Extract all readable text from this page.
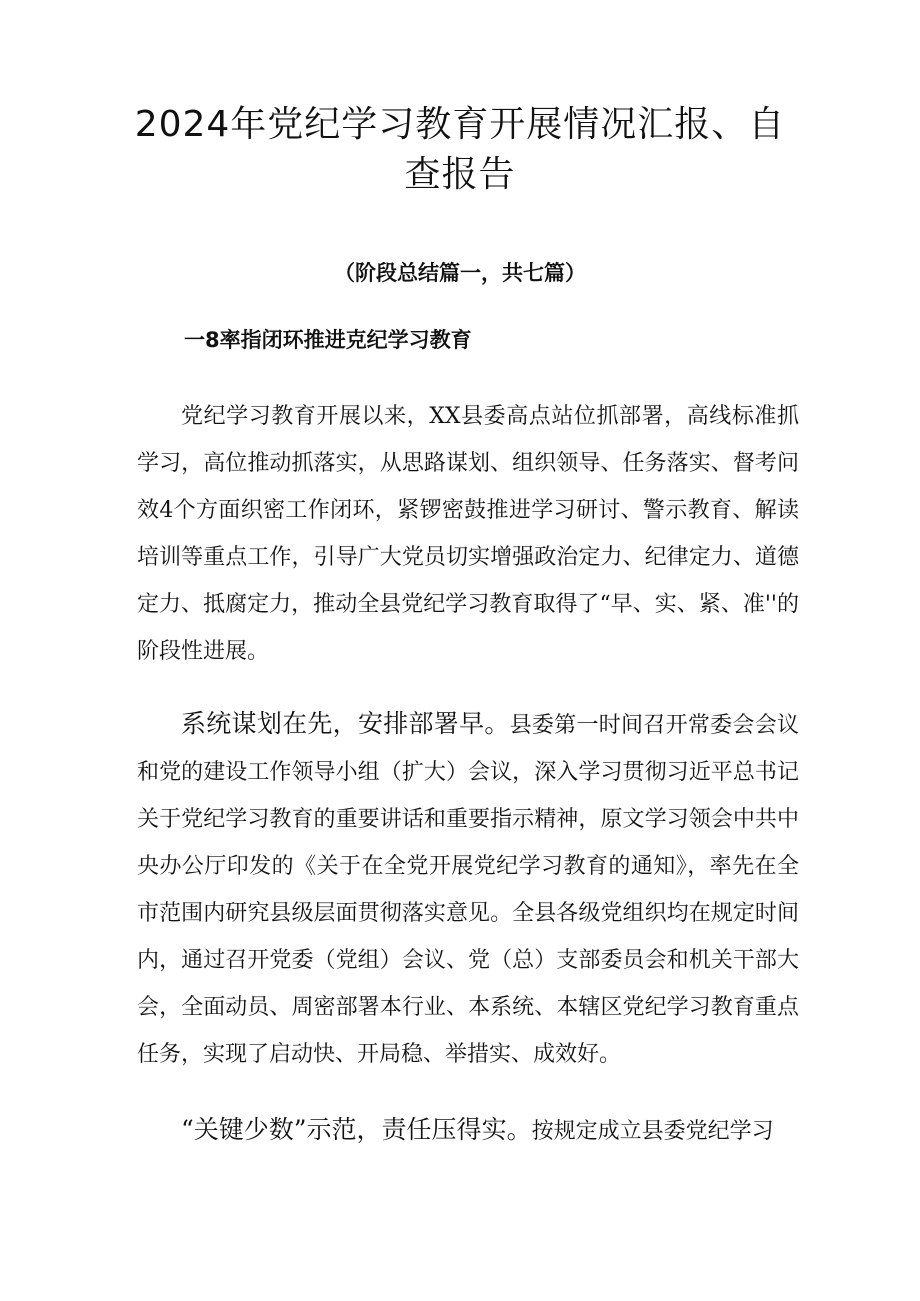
2024年党纪学习教育开展情况汇报、自查报告

（阶段总结篇一，共七篇）

一8率指闭环推进克纪学习教育

党纪学习教育开展以来，XX县委高点站位抓部署，高线标准抓学习，高位推动抓落实，从思路谋划、组织领导、任务落实、督考问效4个方面织密工作闭环，紧锣密鼓推进学习研讨、警示教育、解读培训等重点工作，引导广大党员切实增强政治定力、纪律定力、道德定力、抵腐定力，推动全县党纪学习教育取得了“早、实、紧、准''的阶段性进展。

系统谋划在先，安排部署早。县委第一时间召开常委会会议和党的建设工作领导小组（扩大）会议，深入学习贯彻习近平总书记关于党纪学习教育的重要讲话和重要指示精神，原文学习领会中共中央办公厅印发的《关于在全党开展党纪学习教育的通知》，率先在全市范围内研究县级层面贯彻落实意见。全县各级党组织均在规定时间内，通过召开党委（党组）会议、党（总）支部委员会和机关干部大会，全面动员、周密部署本行业、本系统、本辖区党纪学习教育重点任务，实现了启动快、开局稳、举措实、成效好。

“关键少数”示范，责任压得实。按规定成立县委党纪学习
